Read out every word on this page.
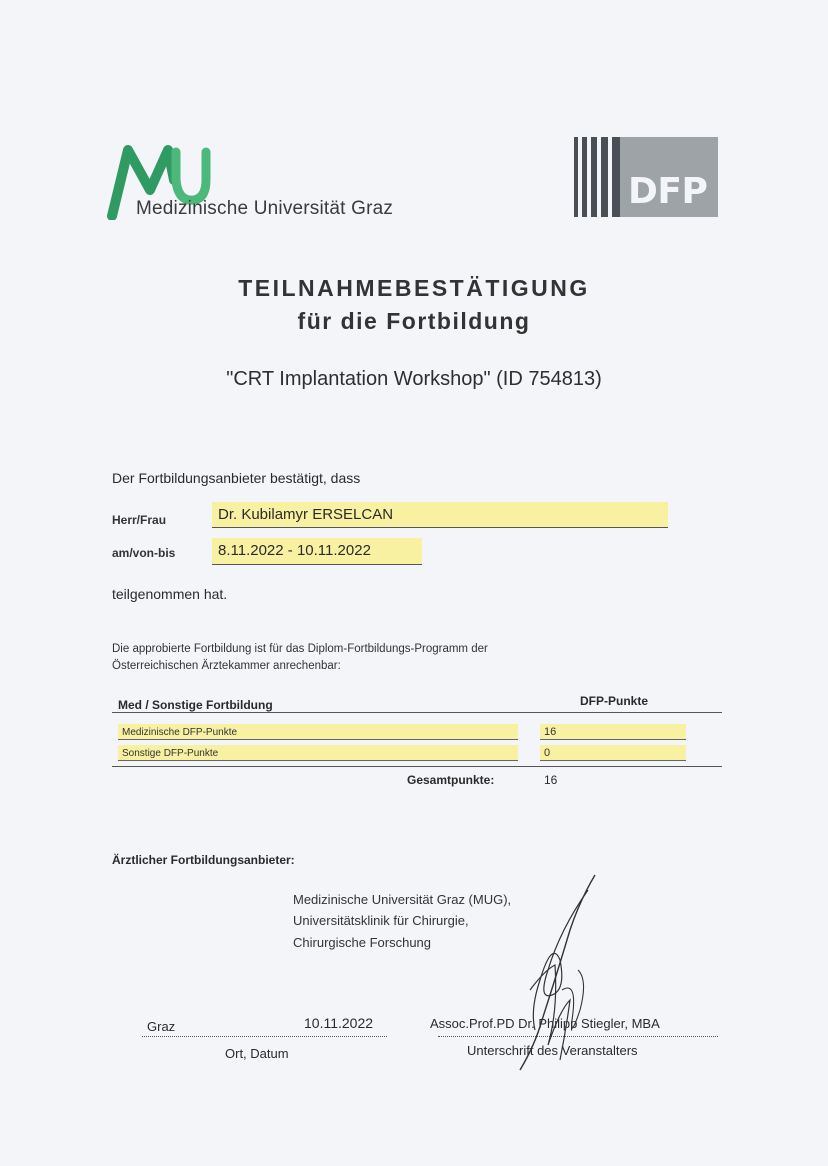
Medizinische Universität Graz	DFP
TEILNAHMEBESTÄTIGUNG
für die Fortbildung
"CRT Implantation Workshop" (ID 754813)
Der Fortbildungsanbieter bestätigt, dass
Herr/Frau	Dr. Kubilamyr ERSELCAN
am/von-bis	8.11.2022 - 10.11.2022
teilgenommen hat.
Die approbierte Fortbildung ist für das Diplom-Fortbildungs-Programm der
Österreichischen Ärztekammer anrechenbar:
Med / Sonstige Fortbildung	DFP-Punkte
Medizinische DFP-Punkte	16
Sonstige DFP-Punkte	0
Gesamtpunkte:	16
Ärztlicher Fortbildungsanbieter:
Medizinische Universität Graz (MUG),
Universitätsklinik für Chirurgie,
Chirurgische Forschung
Graz	10.11.2022	Assoc.Prof.PD Dr. Philipp Stiegler, MBA
Ort, Datum	Unterschrift des Veranstalters
